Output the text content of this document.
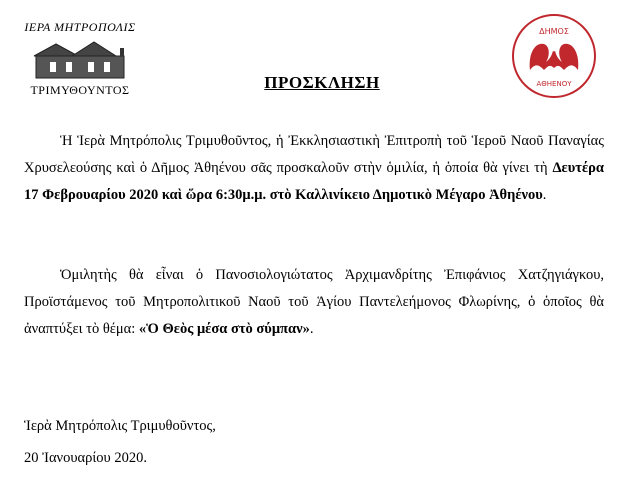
ΙΕΡΑ ΜΗΤΡΟΠΟΛΙΣ
ΤΡΙΜΥΘΟΥΝΤΟΣ
ΔΗΜΟΣ
ΑΘΗΕΝΟΥ
ΠΡΟΣΚΛΗΣΗ
Ἡ Ἱερὰ Μητρόπολις Τριμυθοῦντος, ἡ Ἐκκλησιαστικὴ Ἐπιτροπὴ τοῦ Ἱεροῦ Ναοῦ Παναγίας Χρυσελεούσης καὶ ὁ Δῆμος Ἀθηένου σᾶς προσκαλοῦν στὴν ὁμιλία, ἡ ὁποία θὰ γίνει τὴ Δευτέρα 17 Φεβρουαρίου 2020 καὶ ὥρα 6:30μ.μ. στὸ Καλλινίκειο Δημοτικὸ Μέγαρο Ἀθηένου.
Ὁμιλητὴς θὰ εἶναι ὁ Πανοσιολογιώτατος Ἀρχιμανδρίτης Ἐπιφάνιος Χατζηγιάγκου, Προϊστάμενος τοῦ Μητροπολιτικοῦ Ναοῦ τοῦ Ἁγίου Παντελεήμονος Φλωρίνης, ὁ ὁποῖος θὰ ἀναπτύξει τὸ θέμα: «Ὁ Θεὸς μέσα στὸ σύμπαν».
Ἱερὰ Μητρόπολις Τριμυθοῦντος,
20 Ἰανουαρίου 2020.
